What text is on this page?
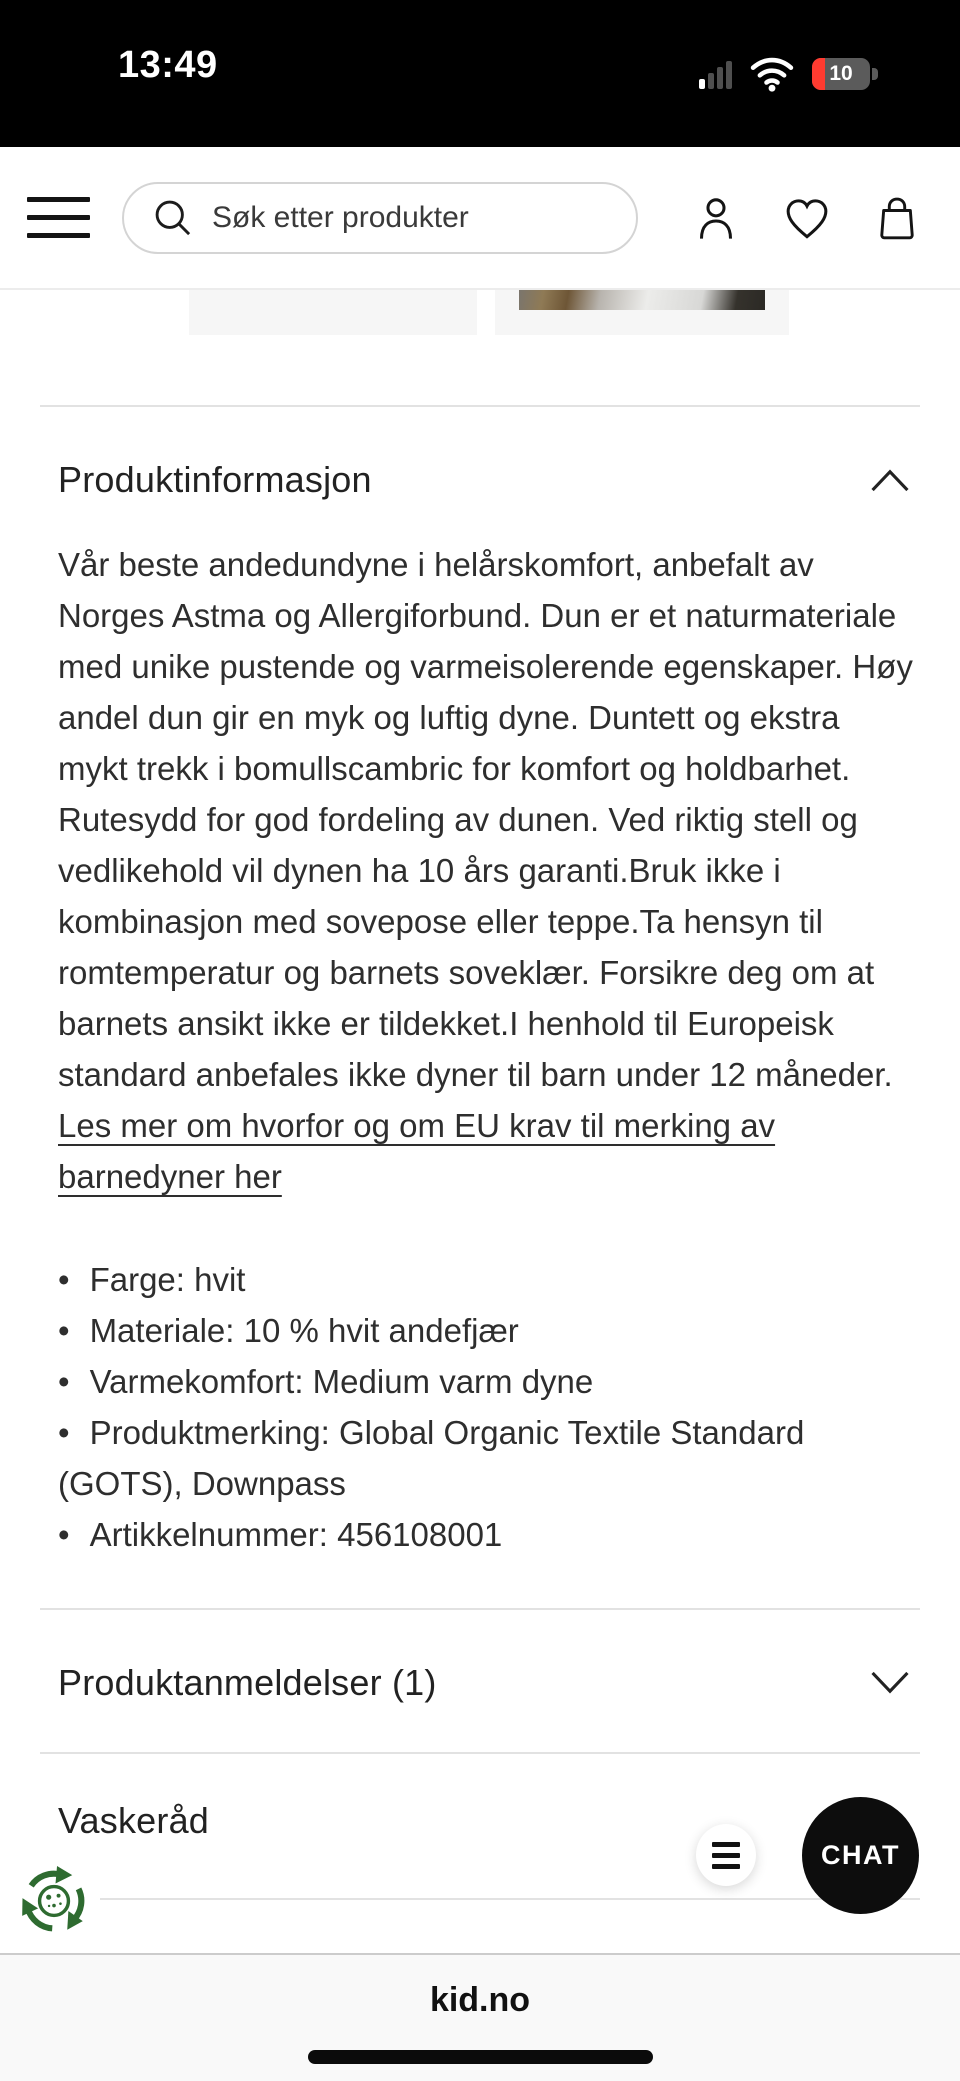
13:49	10
Søk etter produkter
Produktinformasjon

Vår beste andedundyne i helårskomfort, anbefalt av Norges Astma og Allergiforbund. Dun er et naturmateriale med unike pustende og varmeisolerende egenskaper. Høy andel dun gir en myk og luftig dyne. Duntett og ekstra mykt trekk i bomullscambric for komfort og holdbarhet. Rutesydd for god fordeling av dunen. Ved riktig stell og vedlikehold vil dynen ha 10 års garanti.Bruk ikke i kombinasjon med sovepose eller teppe.Ta hensyn til romtemperatur og barnets soveklær. Forsikre deg om at barnets ansikt ikke er tildekket.I henhold til Europeisk standard anbefales ikke dyner til barn under 12 måneder. Les mer om hvorfor og om EU krav til merking av barnedyner her

• Farge: hvit
• Materiale: 10 % hvit andefjær
• Varmekomfort: Medium varm dyne
• Produktmerking: Global Organic Textile Standard (GOTS), Downpass
• Artikkelnummer: 456108001
Produktanmeldelser (1)
Vaskeråd
CHAT
kid.no
